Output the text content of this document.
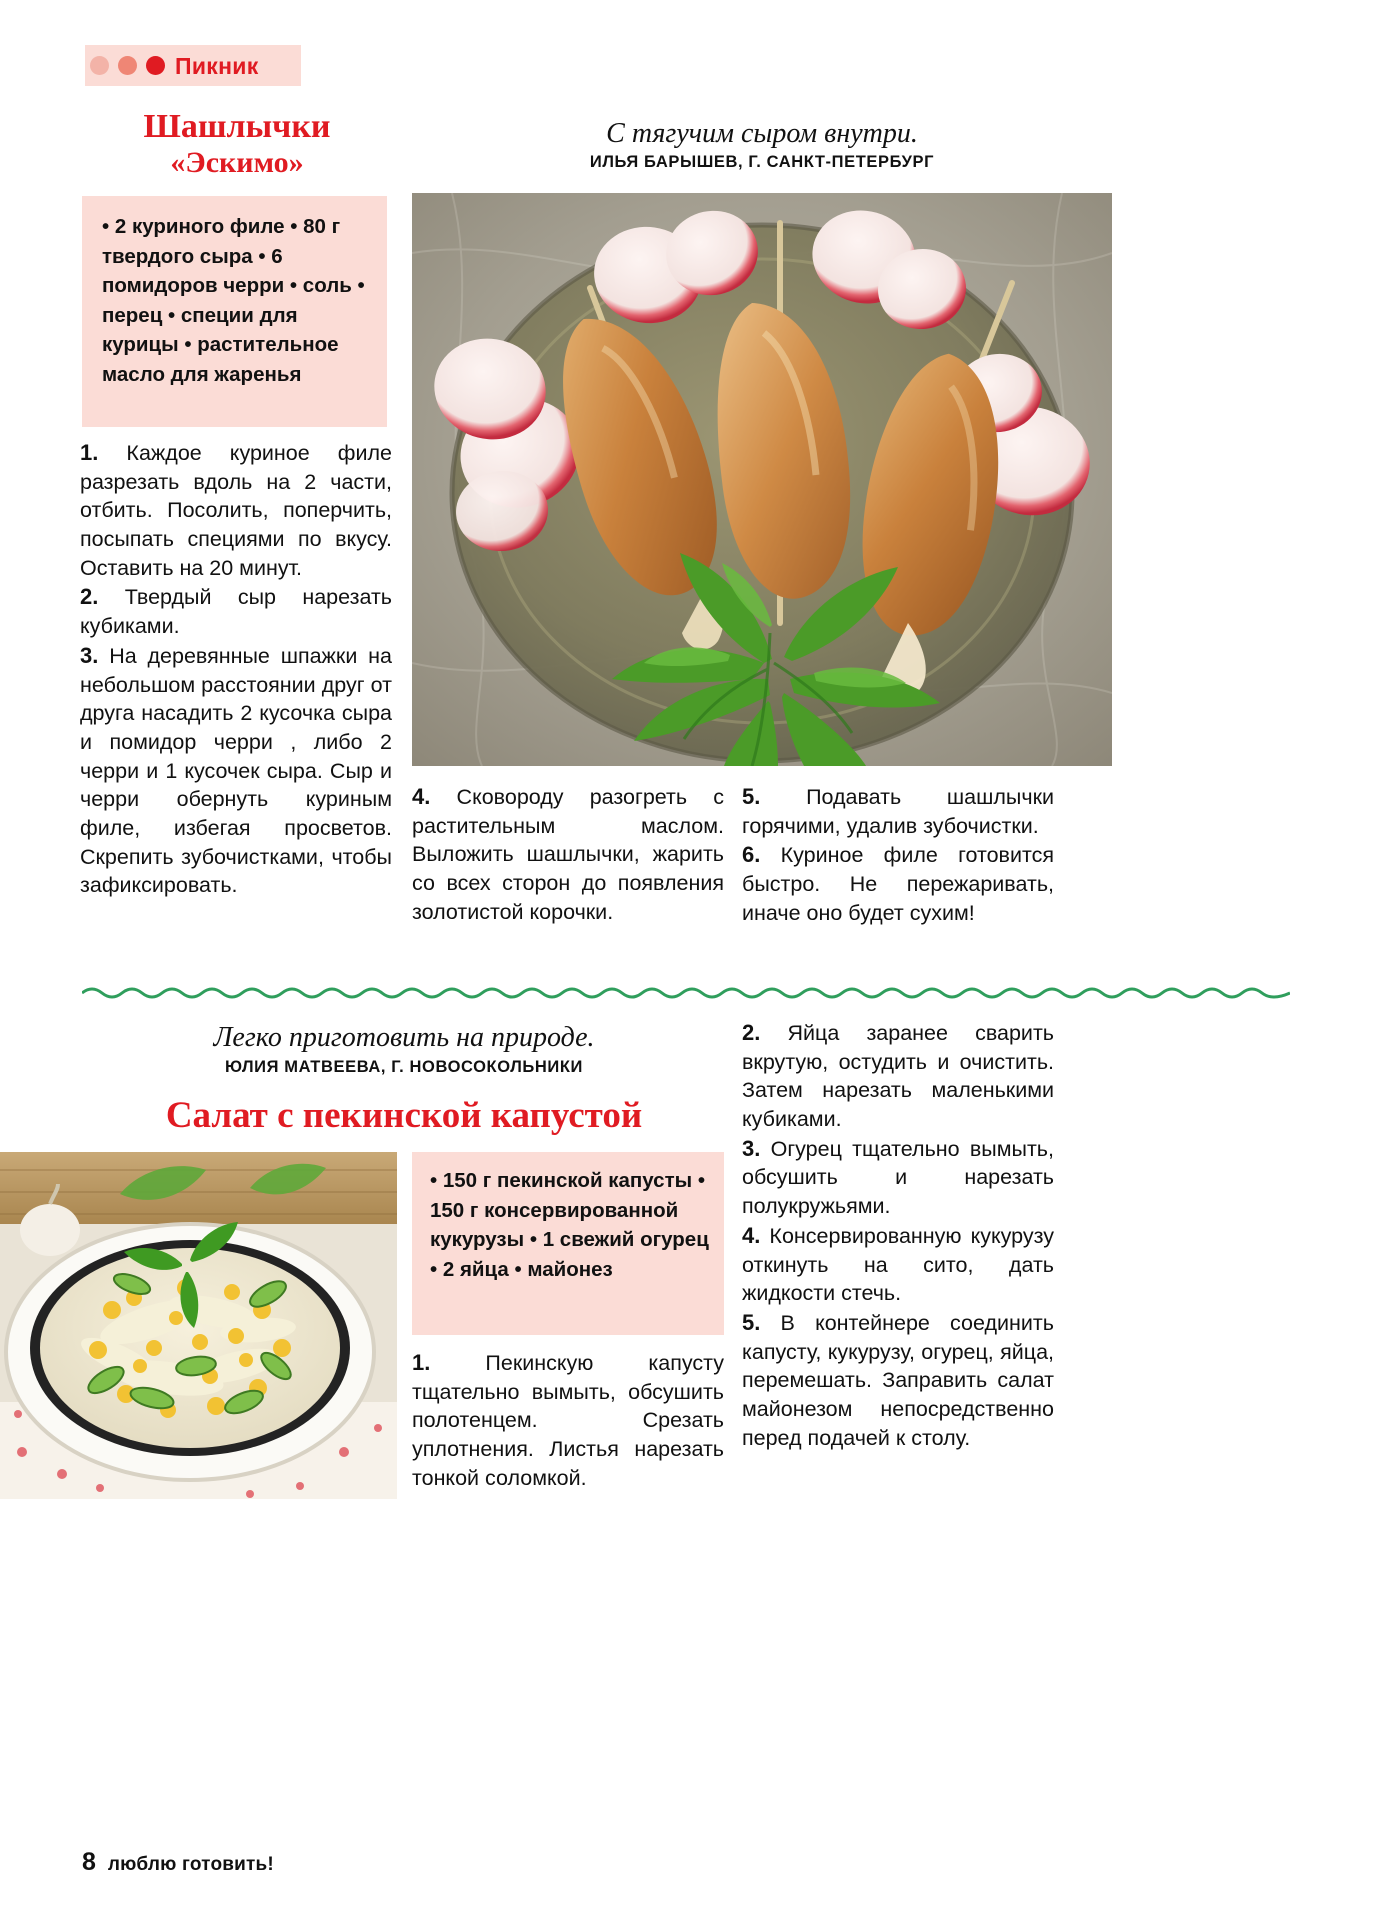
Пикник
Шашлычки
«Эскимо»
С тягучим сыром внутри.
ИЛЬЯ БАРЫШЕВ, Г. САНКТ-ПЕТЕРБУРГ

• 2 куриного филе • 80 г твердого сыра • 6 помидоров черри • соль • перец • специи для курицы • растительное масло для жаренья

1. Каждое куриное филе разрезать вдоль на 2 части, отбить. Посолить, поперчить, посыпать специями по вкусу. Оставить на 20 минут.

2. Твердый сыр нарезать кубиками.

3. На деревянные шпажки на небольшом расстоянии друг от друга насадить 2 кусочка сыра и помидор черри , либо 2 черри и 1 кусочек сыра. Сыр и черри обернуть куриным филе, избегая просветов. Скрепить зубочистками, чтобы зафиксировать.

4. Сковороду разогреть с растительным маслом. Выложить шашлычки, жарить со всех сторон до появления золотистой корочки.

5. Подавать шашлычки горячими, удалив зубочистки.

6. Куриное филе готовится быстро. Не пережаривать, иначе оно будет сухим!

Легко приготовить на природе.
ЮЛИЯ МАТВЕЕВА, Г. НОВОСОКОЛЬНИКИ
Салат с пекинской капустой

• 150 г пекинской капусты • 150 г консервированной кукурузы • 1 свежий огурец • 2 яйца • майонез

1.	Пекинскую капусту тщательно вымыть, обсушить полотенцем. Срезать уплотнения. Листья нарезать тонкой соломкой.

2. Яйца заранее сварить вкрутую, остудить и очистить. Затем нарезать маленькими кубиками.

3. Огурец тщательно вымыть, обсушить и нарезать полукружьями.

4. Консервированную кукурузу откинуть на сито, дать жидкости стечь.

5. В контейнере соединить капусту, кукурузу, огурец, яйца, перемешать. Заправить салат майонезом непосредственно перед подачей к столу.

8 люблю готовить!
